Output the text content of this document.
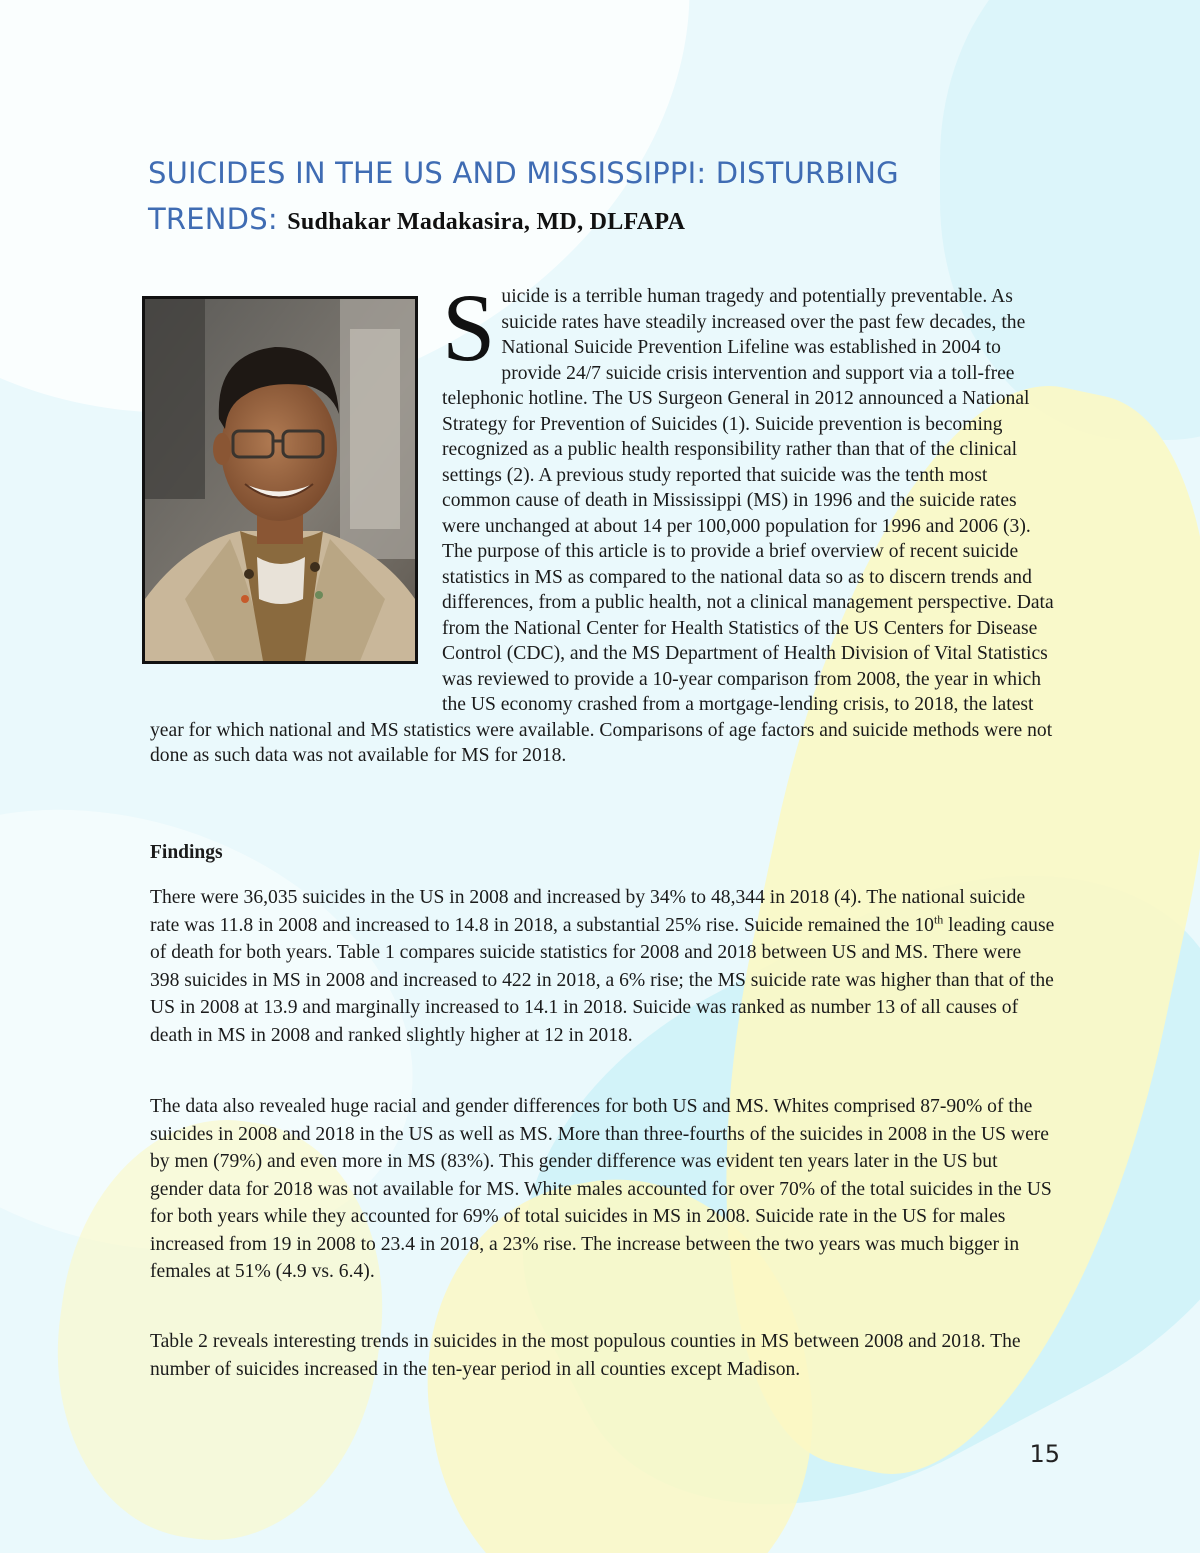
SUICIDES IN THE US AND MISSISSIPPI: DISTURBING
TRENDS: Sudhakar Madakasira, MD, DLFAPA

S uicide is a terrible human tragedy and potentially preventable. As suicide rates have steadily increased over the past few decades, the National Suicide Prevention Lifeline was established in 2004 to provide 24/7 suicide crisis intervention and support via a toll-free telephonic hotline. The US Surgeon General in 2012 announced a National Strategy for Prevention of Suicides (1). Suicide prevention is becoming recognized as a public health responsibility rather than that of the clinical settings (2). A previous study reported that suicide was the tenth most common cause of death in Mississippi (MS) in 1996 and the suicide rates were unchanged at about 14 per 100,000 population for 1996 and 2006 (3). The purpose of this article is to provide a brief overview of recent suicide statistics in MS as compared to the national data so as to discern trends and differences, from a public health, not a clinical management perspective. Data from the National Center for Health Statistics of the US Centers for Disease Control (CDC), and the MS Department of Health Division of Vital Statistics was reviewed to provide a 10-year comparison from 2008, the year in which the US economy crashed from a mortgage-lending crisis, to 2018, the latest year for which national and MS statistics were available. Comparisons of age factors and suicide methods were not done as such data was not available for MS for 2018.

Findings

There were 36,035 suicides in the US in 2008 and increased by 34% to 48,344 in 2018 (4). The national suicide rate was 11.8 in 2008 and increased to 14.8 in 2018, a substantial 25% rise. Suicide remained the 10th leading cause of death for both years. Table 1 compares suicide statistics for 2008 and 2018 between US and MS. There were 398 suicides in MS in 2008 and increased to 422 in 2018, a 6% rise; the MS suicide rate was higher than that of the US in 2008 at 13.9 and marginally increased to 14.1 in 2018. Suicide was ranked as number 13 of all causes of death in MS in 2008 and ranked slightly higher at 12 in 2018.

The data also revealed huge racial and gender differences for both US and MS. Whites comprised 87-90% of the suicides in 2008 and 2018 in the US as well as MS. More than three-fourths of the suicides in 2008 in the US were by men (79%) and even more in MS (83%). This gender difference was evident ten years later in the US but gender data for 2018 was not available for MS. White males accounted for over 70% of the total suicides in the US for both years while they accounted for 69% of total suicides in MS in 2008. Suicide rate in the US for males increased from 19 in 2008 to 23.4 in 2018, a 23% rise. The increase between the two years was much bigger in females at 51% (4.9 vs. 6.4).

Table 2 reveals interesting trends in suicides in the most populous counties in MS between 2008 and 2018. The number of suicides increased in the ten-year period in all counties except Madison.

15
